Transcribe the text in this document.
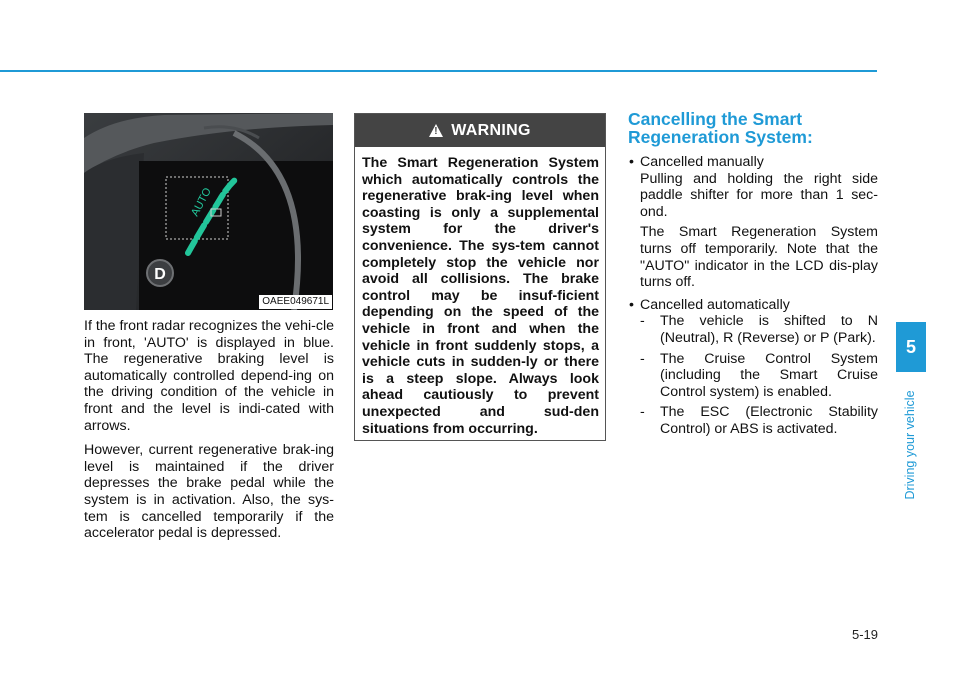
AUTO
D
OAEE049671L

If the front radar recognizes the vehi-cle in front, 'AUTO' is displayed in blue. The regenerative braking level is automatically controlled depend-ing on the driving condition of the vehicle in front and the level is indi-cated with arrows.

However, current regenerative brak-ing level is maintained if the driver depresses the brake pedal while the system is in activation. Also, the sys-tem is cancelled temporarily if the accelerator pedal is depressed.

! WARNING
The Smart Regeneration System which automatically controls the regenerative brak-ing level when coasting is only a supplemental system for the driver's convenience. The sys-tem cannot completely stop the vehicle nor avoid all collisions. The brake control may be insuf-ficient depending on the speed of the vehicle in front and when the vehicle in front suddenly stops, a vehicle cuts in sudden-ly or there is a steep slope. Always look ahead cautiously to prevent unexpected and sud-den situations from occurring.
Cancelling the Smart
Regeneration System:

• Cancelled manually

Pulling and holding the right side paddle shifter for more than 1 sec-ond.

The Smart Regeneration System turns off temporarily. Note that the "AUTO" indicator in the LCD dis-play turns off.

• Cancelled automatically

- The vehicle is shifted to N (Neutral), R (Reverse) or P (Park).

- The Cruise Control System (including the Smart Cruise Control system) is enabled.

- The ESC (Electronic Stability Control) or ABS is activated.

5
Driving your vehicle
5-19
